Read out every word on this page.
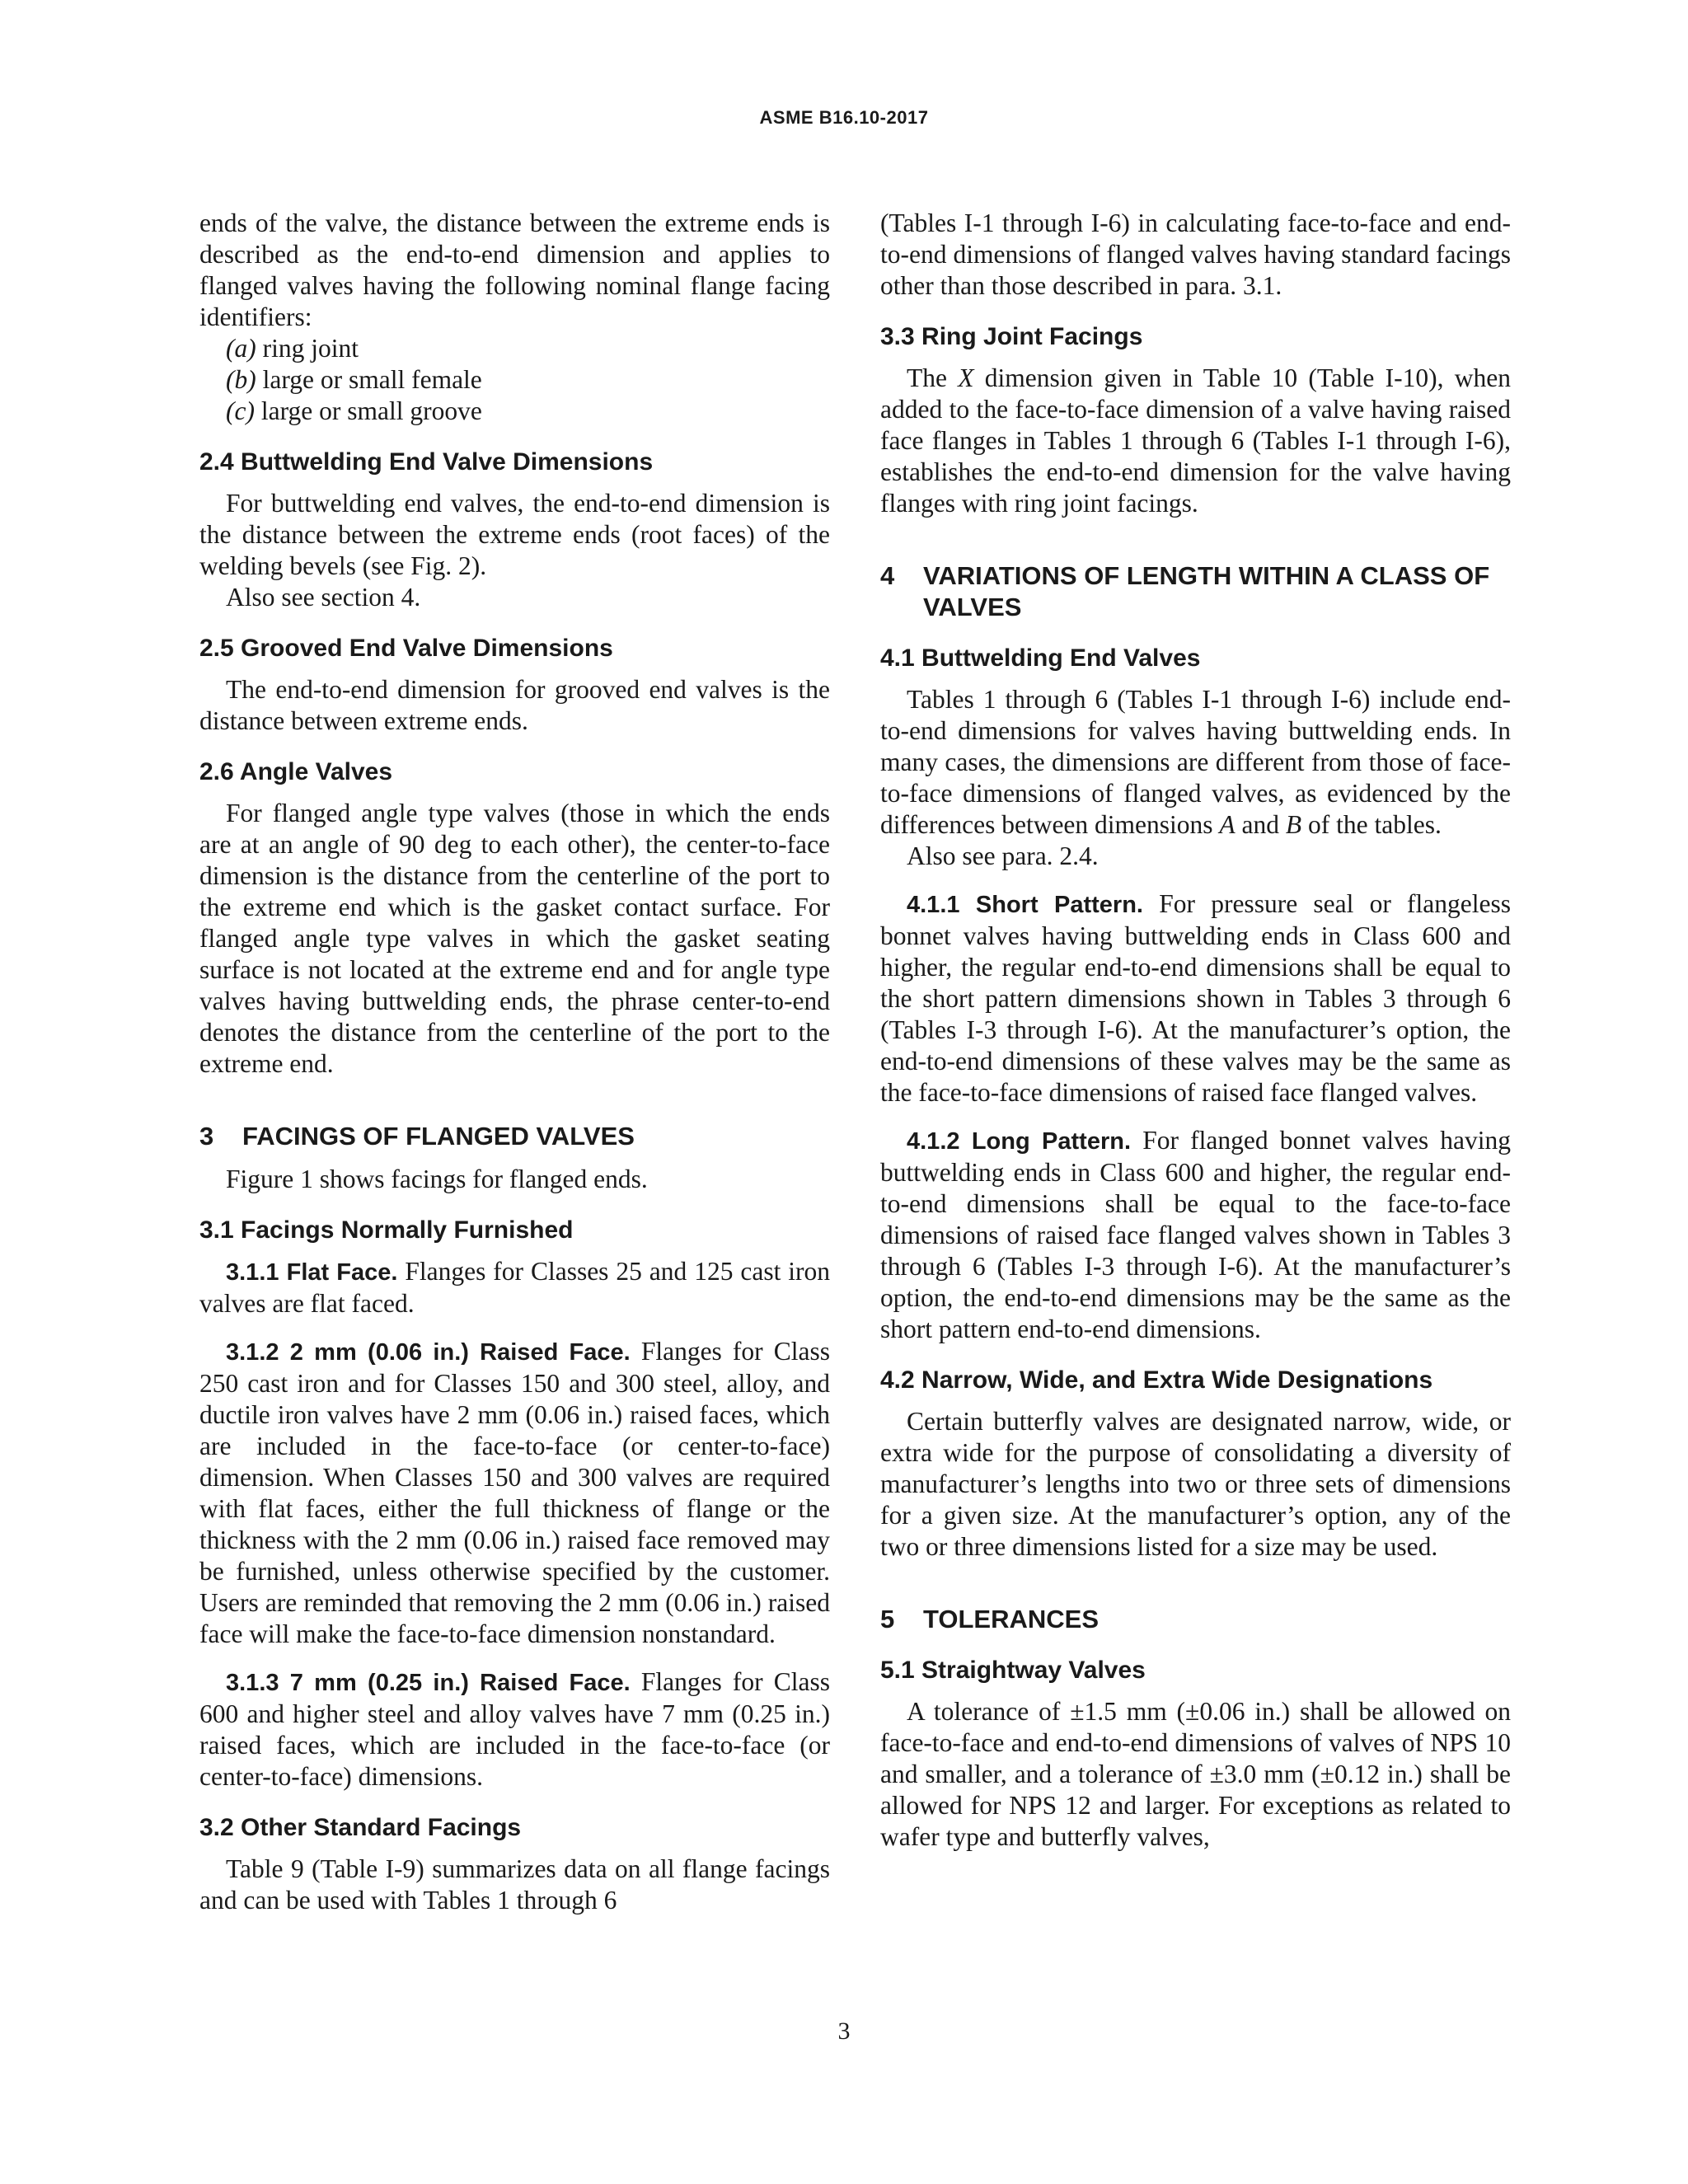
ASME B16.10-2017

ends of the valve, the distance between the extreme ends is described as the end-to-end dimension and applies to flanged valves having the following nominal flange facing identifiers:

(a) ring joint

(b) large or small female

(c) large or small groove

2.4 Buttwelding End Valve Dimensions

For buttwelding end valves, the end-to-end dimension is the distance between the extreme ends (root faces) of the welding bevels (see Fig. 2).

Also see section 4.

2.5 Grooved End Valve Dimensions

The end-to-end dimension for grooved end valves is the distance between extreme ends.

2.6 Angle Valves

For flanged angle type valves (those in which the ends are at an angle of 90 deg to each other), the center-to-face dimension is the distance from the centerline of the port to the extreme end which is the gasket contact surface. For flanged angle type valves in which the gasket seating surface is not located at the extreme end and for angle type valves having buttwelding ends, the phrase center-to-end denotes the distance from the centerline of the port to the extreme end.

3	FACINGS OF FLANGED VALVES

Figure 1 shows facings for flanged ends.

3.1 Facings Normally Furnished

3.1.1 Flat Face. Flanges for Classes 25 and 125 cast iron valves are flat faced.

3.1.2 2 mm (0.06 in.) Raised Face. Flanges for Class 250 cast iron and for Classes 150 and 300 steel, alloy, and ductile iron valves have 2 mm (0.06 in.) raised faces, which are included in the face-to-face (or center-to-face) dimension. When Classes 150 and 300 valves are required with flat faces, either the full thickness of flange or the thickness with the 2 mm (0.06 in.) raised face removed may be furnished, unless otherwise specified by the customer. Users are reminded that removing the 2 mm (0.06 in.) raised face will make the face-to-face dimension nonstandard.

3.1.3 7 mm (0.25 in.) Raised Face. Flanges for Class 600 and higher steel and alloy valves have 7 mm (0.25 in.) raised faces, which are included in the face-to-face (or center-to-face) dimensions.

3.2 Other Standard Facings

Table 9 (Table I-9) summarizes data on all flange facings and can be used with Tables 1 through 6

(Tables I-1 through I-6) in calculating face-to-face and end-to-end dimensions of flanged valves having standard facings other than those described in para. 3.1.

3.3 Ring Joint Facings

The X dimension given in Table 10 (Table I-10), when added to the face-to-face dimension of a valve having raised face flanges in Tables 1 through 6 (Tables I-1 through I-6), establishes the end-to-end dimension for the valve having flanges with ring joint facings.

4	VARIATIONS OF LENGTH WITHIN A CLASS OF VALVES
4.1 Buttwelding End Valves

Tables 1 through 6 (Tables I-1 through I-6) include end-to-end dimensions for valves having buttwelding ends. In many cases, the dimensions are different from those of face-to-face dimensions of flanged valves, as evidenced by the differences between dimensions A and B of the tables.

Also see para. 2.4.

4.1.1 Short Pattern. For pressure seal or flangeless bonnet valves having buttwelding ends in Class 600 and higher, the regular end-to-end dimensions shall be equal to the short pattern dimensions shown in Tables 3 through 6 (Tables I-3 through I-6). At the manufacturer’s option, the end-to-end dimensions of these valves may be the same as the face-to-face dimensions of raised face flanged valves.

4.1.2 Long Pattern. For flanged bonnet valves having buttwelding ends in Class 600 and higher, the regular end-to-end dimensions shall be equal to the face-to-face dimensions of raised face flanged valves shown in Tables 3 through 6 (Tables I-3 through I-6). At the manufacturer’s option, the end-to-end dimensions may be the same as the short pattern end-to-end dimensions.

4.2 Narrow, Wide, and Extra Wide Designations

Certain butterfly valves are designated narrow, wide, or extra wide for the purpose of consolidating a diversity of manufacturer’s lengths into two or three sets of dimensions for a given size. At the manufacturer’s option, any of the two or three dimensions listed for a size may be used.

5	TOLERANCES
5.1 Straightway Valves

A tolerance of ±1.5 mm (±0.06 in.) shall be allowed on face-to-face and end-to-end dimensions of valves of NPS 10 and smaller, and a tolerance of ±3.0 mm (±0.12 in.) shall be allowed for NPS 12 and larger. For exceptions as related to wafer type and butterfly valves,

3
